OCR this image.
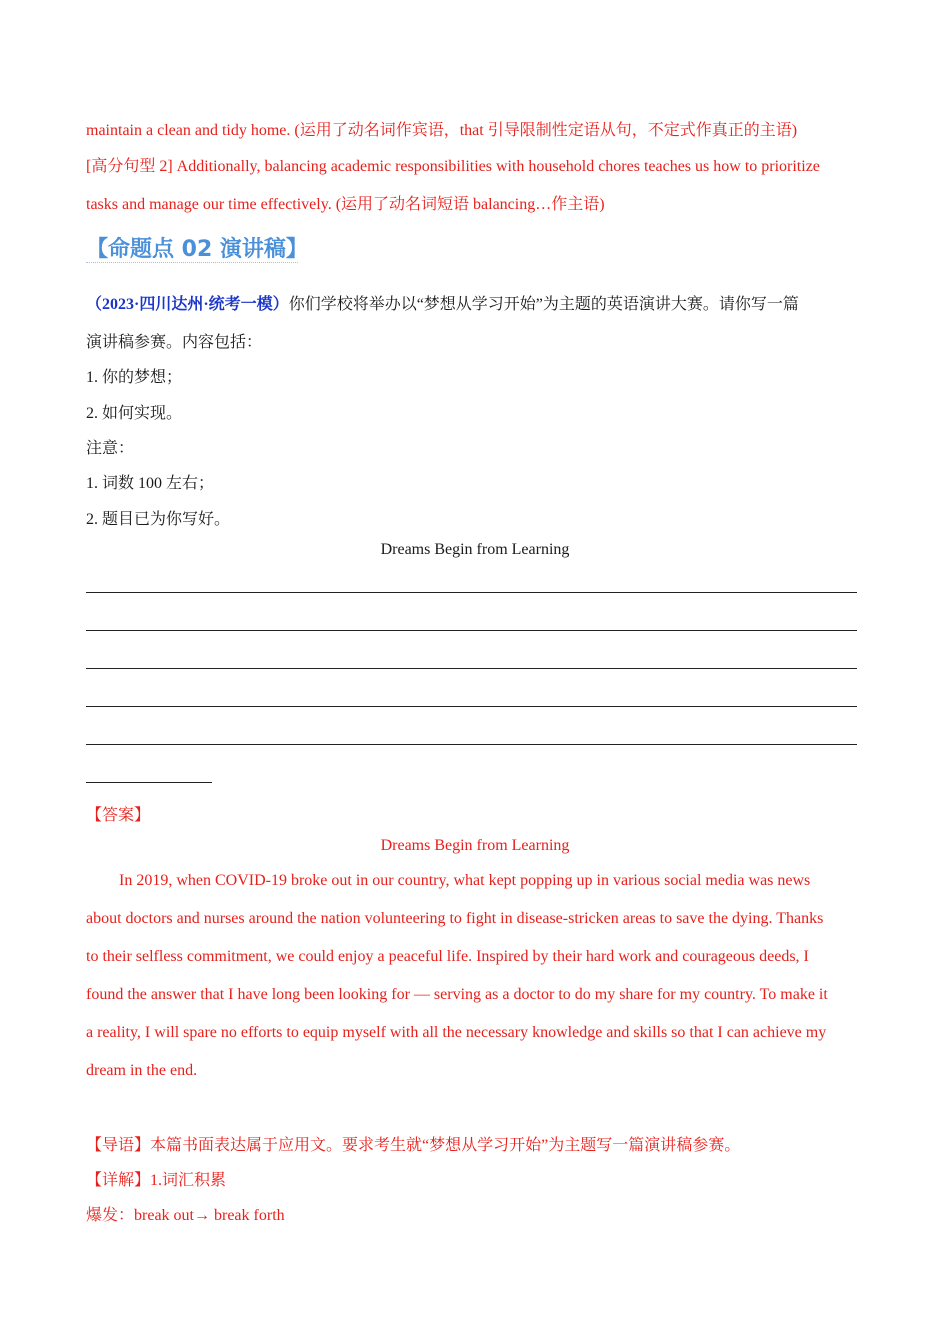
maintain a clean and tidy home. (运用了动名词作宾语，that 引导限制性定语从句，不定式作真正的主语)
[高分句型 2] Additionally, balancing academic responsibilities with household chores teaches us how to prioritize
tasks and manage our time effectively. (运用了动名词短语 balancing…作主语)
【命题点 02 演讲稿】
（2023·四川达州·统考一模）你们学校将举办以“梦想从学习开始”为主题的英语演讲大赛。请你写一篇
演讲稿参赛。内容包括：
1. 你的梦想；
2. 如何实现。
注意：
1. 词数 100 左右；
2. 题目已为你写好。
Dreams Begin from Learning
【答案】
Dreams Begin from Learning
In 2019, when COVID-19 broke out in our country, what kept popping up in various social media was news
about doctors and nurses around the nation volunteering to fight in disease-stricken areas to save the dying. Thanks
to their selfless commitment, we could enjoy a peaceful life. Inspired by their hard work and courageous deeds, I
found the answer that I have long been looking for — serving as a doctor to do my share for my country. To make it
a reality, I will spare no efforts to equip myself with all the necessary knowledge and skills so that I can achieve my
dream in the end.
【导语】本篇书面表达属于应用文。要求考生就“梦想从学习开始”为主题写一篇演讲稿参赛。
【详解】1.词汇积累
爆发：break out→ break forth
